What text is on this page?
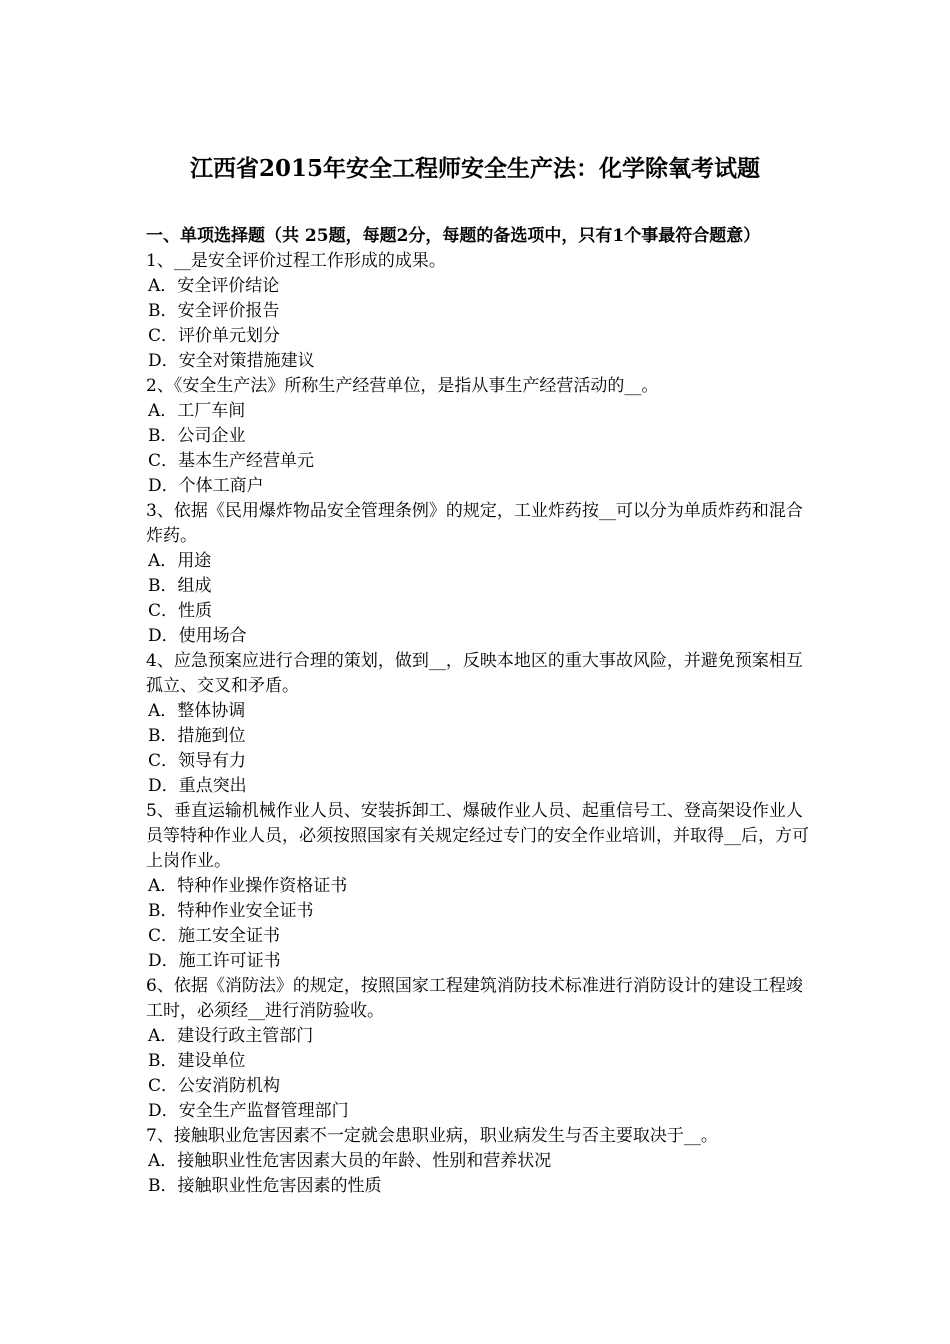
江西省2015年安全工程师安全生产法：化学除氧考试题

一、单项选择题（共 25题，每题2分，每题的备选项中，只有1个事最符合题意）

1、__是安全评价过程工作形成的成果。

A．安全评价结论
B．安全评价报告
C．评价单元划分
D．安全对策措施建议

2、《安全生产法》所称生产经营单位，是指从事生产经营活动的__。

A．工厂车间
B．公司企业
C．基本生产经营单元
D．个体工商户

3、依据《民用爆炸物品安全管理条例》的规定，工业炸药按__可以分为单质炸药和混合炸药。

A．用途
B．组成
C．性质
D．使用场合

4、应急预案应进行合理的策划，做到__，反映本地区的重大事故风险，并避免预案相互孤立、交叉和矛盾。

A．整体协调
B．措施到位
C．领导有力
D．重点突出

5、垂直运输机械作业人员、安装拆卸工、爆破作业人员、起重信号工、登高架设作业人员等特种作业人员，必须按照国家有关规定经过专门的安全作业培训，并取得__后，方可上岗作业。

A．特种作业操作资格证书
B．特种作业安全证书
C．施工安全证书
D．施工许可证书

6、依据《消防法》的规定，按照国家工程建筑消防技术标准进行消防设计的建设工程竣工时，必须经__进行消防验收。

A．建设行政主管部门
B．建设单位
C．公安消防机构
D．安全生产监督管理部门

7、接触职业危害因素不一定就会患职业病，职业病发生与否主要取决于__。

A．接触职业性危害因素大员的年龄、性别和营养状况
B．接触职业性危害因素的性质
